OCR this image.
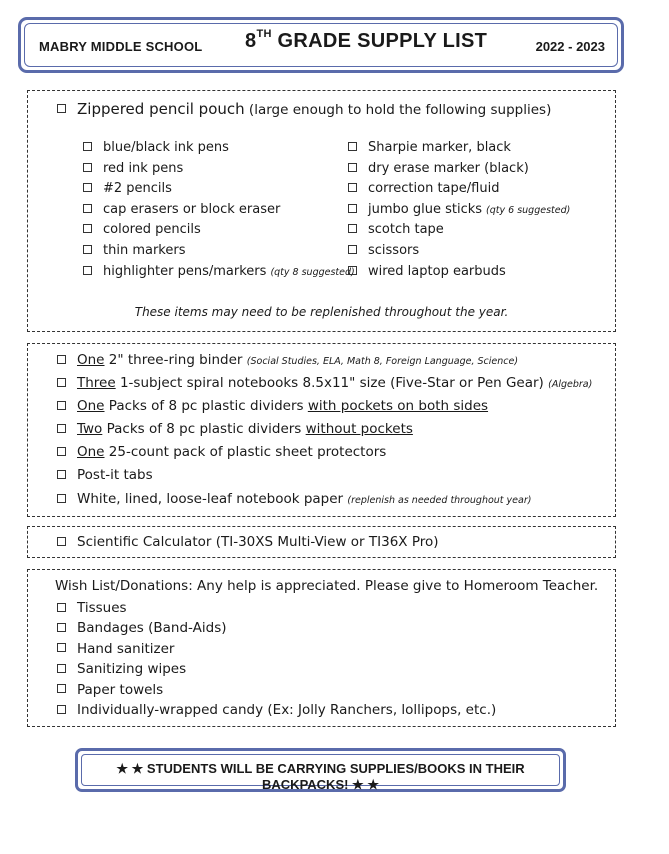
MABRY MIDDLE SCHOOL 8TH GRADE SUPPLY LIST	2022 - 2023
Zippered pencil pouch (large enough to hold the following supplies)
These items may need to be replenished throughout the year.
blue/black ink pens
red ink pens
#2 pencils
cap erasers or block eraser
colored pencils
thin markers
highlighter pens/markers (qty 8 suggested)
Sharpie marker, black
dry erase marker (black)
correction tape/fluid
jumbo glue sticks (qty 6 suggested)
scotch tape
scissors
wired laptop earbuds
One 2" three-ring binder (Social Studies, ELA, Math 8, Foreign Language, Science)
Three 1-subject spiral notebooks 8.5x11" size (Five-Star or Pen Gear) (Algebra)
One Packs of 8 pc plastic dividers with pockets on both sides
Two Packs of 8 pc plastic dividers without pockets
One 25-count pack of plastic sheet protectors
Post-it tabs
White, lined, loose-leaf notebook paper (replenish as needed throughout year)
Scientific Calculator (TI-30XS Multi-View or TI36X Pro)
Wish List/Donations: Any help is appreciated. Please give to Homeroom Teacher.
Tissues
Bandages (Band-Aids)
Hand sanitizer
Sanitizing wipes
Paper towels
Individually-wrapped candy (Ex: Jolly Ranchers, lollipops, etc.)
★ ★ STUDENTS WILL BE CARRYING SUPPLIES/BOOKS IN THEIR BACKPACKS! ★ ★
